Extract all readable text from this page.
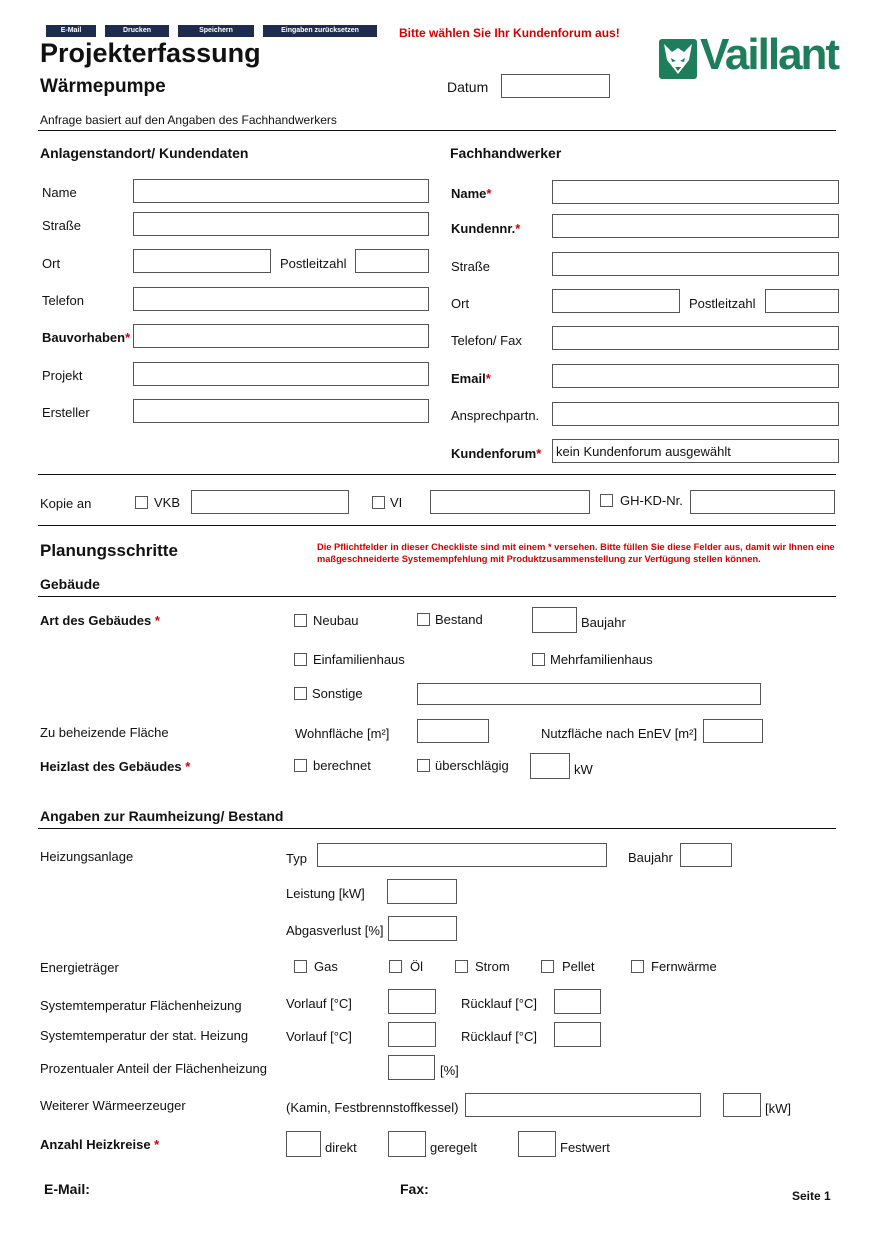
E-Mail	Drucken	Speichern	Eingaben zurücksetzen	Bitte wählen Sie Ihr Kundenforum aus! Vaillant
Projekterfassung
Wärmepumpe	Datum
Anfrage basiert auf den Angaben des Fachhandwerkers
Anlagenstandort/ Kundendaten
Name
Straße
Ort	Postleitzahl
Telefon
Bauvorhaben*
Projekt
Ersteller
Fachhandwerker
Name*
Kundennr.*
Straße
Ort	Postleitzahl
Telefon/ Fax
Email*
Ansprechpartn.
Kundenforum*	kein Kundenforum ausgewählt
Kopie an	VKB	VI	GH-KD-Nr.
Planungsschritte	Die Pflichtfelder in dieser Checkliste sind mit einem * versehen. Bitte füllen Sie diese Felder aus, damit wir Ihnen eine maßgeschneiderte Systemempfehlung mit Produktzusammenstellung zur Verfügung stellen können.
Gebäude
Art des Gebäudes *	Neubau	Bestand	Baujahr
Einfamilienhaus	Mehrfamilienhaus
Sonstige
Zu beheizende Fläche	Wohnfläche [m²]	Nutzfläche nach EnEV [m²]
Heizlast des Gebäudes *	berechnet	überschlägig	kW
Angaben zur Raumheizung/ Bestand
Heizungsanlage	Typ	Baujahr
Leistung [kW]
Abgasverlust [%]
Energieträger	Gas	Öl	Strom	Pellet	Fernwärme
Systemtemperatur Flächenheizung	Vorlauf [°C]	Rücklauf [°C]
Systemtemperatur der stat. Heizung	Vorlauf [°C]	Rücklauf [°C]
Prozentualer Anteil der Flächenheizung	[%]
Weiterer Wärmeerzeuger	(Kamin, Festbrennstoffkessel)	[kW]
Anzahl Heizkreise *	direkt	geregelt	Festwert
E-Mail:	Fax:	Seite 1
